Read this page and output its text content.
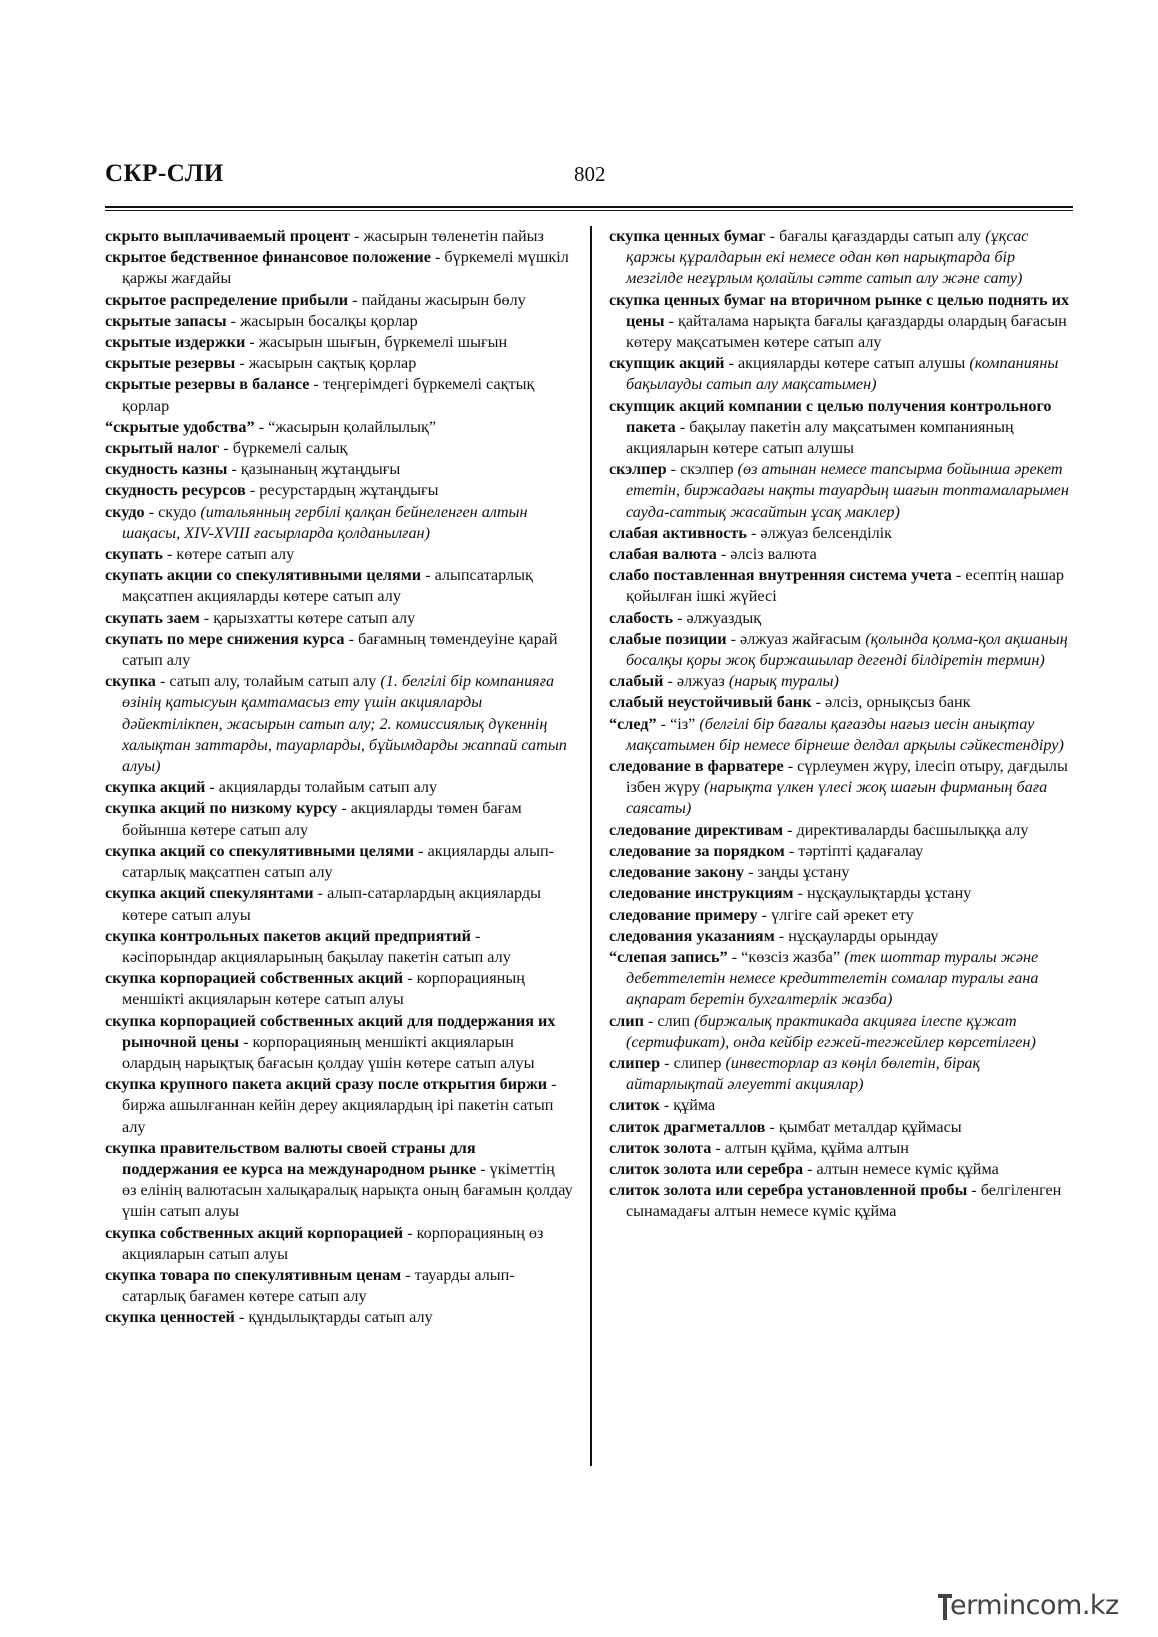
СКР-СЛИ	802

скрыто выплачиваемый процент - жасырын төленетін пайыз

скрытое бедственное финансовое положение - бүркемелі мүшкіл қаржы жағдайы

скрытое распределение прибыли - пайданы жасырын бөлу

скрытые запасы - жасырын босалқы қорлар

скрытые издержки - жасырын шығын, бүркемелі шығын

скрытые резервы - жасырын сақтық қорлар

скрытые резервы в балансе - теңгерімдегі бүркемелі сақтық қорлар

“скрытые удобства” - “жасырын қолайлылық”

скрытый налог - бүркемелі салық

скудность казны - қазынаның жұтаңдығы

скудность ресурсов - ресурстардың жұтаңдығы

скудо - скудо (итальянның гербілі қалқан бейнеленген алтын шақасы, XIV-XVIII ғасырларда қолданылған)

скупать - көтере сатып алу

скупать акции со спекулятивными целями - алыпсатарлық мақсатпен акцияларды көтере сатып алу

скупать заем - қарызхатты көтере сатып алу

скупать по мере снижения курса - бағамның төмендеуіне қарай сатып алу

скупка - сатып алу, толайым сатып алу (1. белгілі бір компанияға өзінің қатысуын қамтамасыз ету үшін акцияларды дәйектілікпен, жасырын сатып алу; 2. комиссиялық дүкеннің халықтан заттарды, тауарларды, бұйымдарды жаппай сатып алуы)

скупка акций - акцияларды толайым сатып алу

скупка акций по низкому курсу - акцияларды төмен бағам бойынша көтере сатып алу

скупка акций со спекулятивными целями - акцияларды алып-сатарлық мақсатпен сатып алу

скупка акций спекулянтами - алып-сатарлардың акцияларды көтере сатып алуы

скупка контрольных пакетов акций предприятий - кәсіпорындар акцияларының бақылау пакетін сатып алу

скупка корпорацией собственных акций - корпорацияның меншікті акцияларын көтере сатып алуы

скупка корпорацией собственных акций для поддержания их рыночной цены - корпорацияның меншікті акцияларын олардың нарықтық бағасын қолдау үшін көтере сатып алуы

скупка крупного пакета акций сразу после открытия биржи - биржа ашылғаннан кейін дереу акциялардың ірі пакетін сатып алу

скупка правительством валюты своей страны для поддержания ее курса на международном рынке - үкіметтің өз елінің валютасын халықаралық нарықта оның бағамын қолдау үшін сатып алуы

скупка собственных акций корпорацией - корпорацияның өз акцияларын сатып алуы

скупка товара по спекулятивным ценам - тауарды алып-сатарлық бағамен көтере сатып алу

скупка ценностей - құндылықтарды сатып алу

скупка ценных бумаг - бағалы қағаздарды сатып алу (ұқсас қаржы құралдарын екі немесе одан көп нарықтарда бір мезгілде неғұрлым қолайлы сәтте сатып алу және сату)

скупка ценных бумаг на вторичном рынке с целью поднять их цены - қайталама нарықта бағалы қағаздарды олардың бағасын көтеру мақсатымен көтере сатып алу

скупщик акций - акцияларды көтере сатып алушы (компанияны бақылауды сатып алу мақсатымен)

скупщик акций компании с целью получения контрольного пакета - бақылау пакетін алу мақсатымен компанияның акцияларын көтере сатып алушы

скэлпер - скэлпер (өз атынан немесе тапсырма бойынша әрекет ететін, биржадағы нақты тауардың шағын топтамаларымен сауда-саттық жасайтын ұсақ маклер)

слабая активность - әлжуаз белсенділік

слабая валюта - әлсіз валюта

слабо поставленная внутренняя система учета - есептің нашар қойылған ішкі жүйесі

слабость - әлжуаздық

слабые позиции - әлжуаз жайғасым (қолында қолма-қол ақшаның босалқы қоры жоқ биржашылар дегенді білдіретін термин)

слабый - әлжуаз (нарық туралы)

слабый неустойчивый банк - әлсіз, орнықсыз банк

“след” - “із” (белгілі бір бағалы қағазды нағыз иесін анықтау мақсатымен бір немесе бірнеше делдал арқылы сәйкестендіру)

следование в фарватере - сүрлеумен жүру, ілесіп отыру, дағдылы ізбен жүру (нарықта үлкен үлесі жоқ шағын фирманың баға саясаты)

следование директивам - директиваларды басшылыққа алу

следование за порядком - тәртіпті қадағалау

следование закону - заңды ұстану

следование инструкциям - нұсқаулықтарды ұстану

следование примеру - үлгіге сай әрекет ету

следования указаниям - нұсқауларды орындау

“слепая запись” - “көзсіз жазба” (тек шоттар туралы және дебеттелетін немесе кредиттелетін сомалар туралы ғана ақпарат беретін бухгалтерлік жазба)

слип - слип (биржалық практикада акцияға ілеспе құжат (сертификат), онда кейбір егжей-тегжейлер көрсетілген)

слипер - слипер (инвесторлар аз көңіл бөлетін, бірақ айтарлықтай әлеуетті акциялар)

слиток - құйма

слиток драгметаллов - қымбат металдар құймасы

слиток золота - алтын құйма, құйма алтын

слиток золота или серебра - алтын немесе күміс құйма

слиток золота или серебра установленной пробы - белгіленген сынамадағы алтын немесе күміс құйма

ermincom.kz
